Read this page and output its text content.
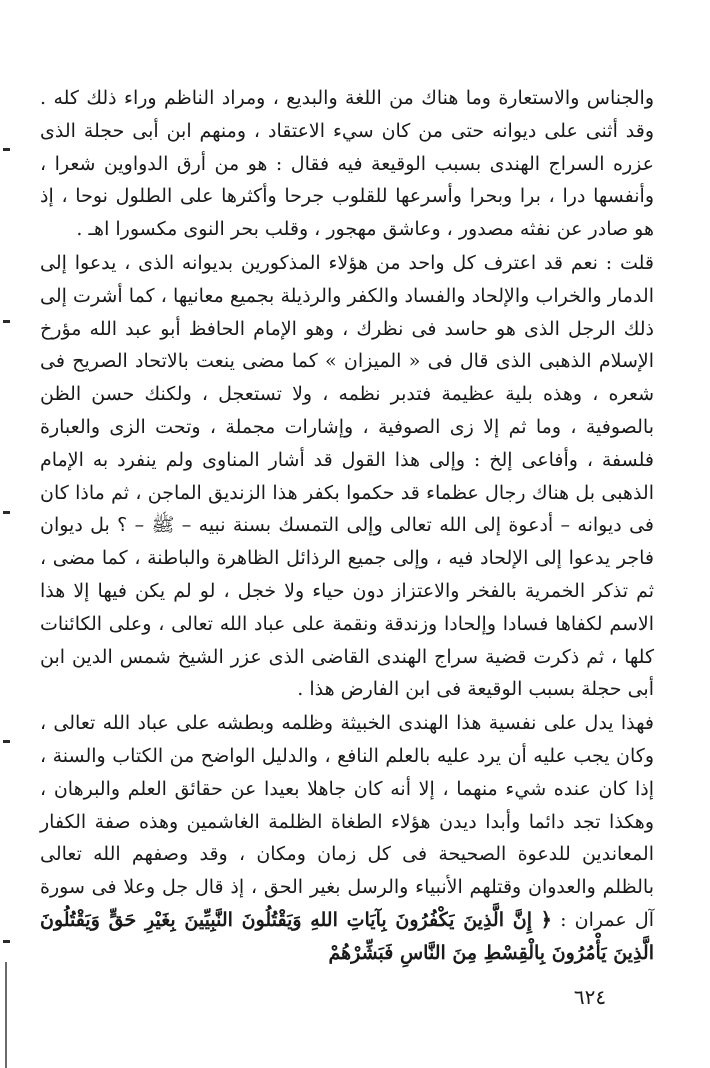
والجناس والاستعارة وما هناك من اللغة والبديع ، ومراد الناظم وراء ذلك كله . وقد أثنى على ديوانه حتى من كان سيء الاعتقاد ، ومنهم ابن أبى حجلة الذى عزره السراج الهندى بسبب الوقيعة فيه فقال : هو من أرق الدواوين شعرا ، وأنفسها درا ، برا وبحرا وأسرعها للقلوب جرحا وأكثرها على الطلول نوحا ، إذ هو صادر عن نفثه مصدور ، وعاشق مهجور ، وقلب بحر النوى مكسورا اهـ .

قلت : نعم قد اعترف كل واحد من هؤلاء المذكورين بديوانه الذى ، يدعوا إلى الدمار والخراب والإلحاد والفساد والكفر والرذيلة بجميع معانيها ، كما أشرت إلى ذلك الرجل الذى هو حاسد فى نظرك ، وهو الإمام الحافظ أبو عبد الله مؤرخ الإسلام الذهبى الذى قال فى « الميزان » كما مضى ينعت بالاتحاد الصريح فى شعره ، وهذه بلية عظيمة فتدبر نظمه ، ولا تستعجل ، ولكنك حسن الظن بالصوفية ، وما ثم إلا زى الصوفية ، وإشارات مجملة ، وتحت الزى والعبارة فلسفة ، وأفاعى إلخ : وإلى هذا القول قد أشار المناوى ولم ينفرد به الإمام الذهبى بل هناك رجال عظماء قد حكموا بكفر هذا الزنديق الماجن ، ثم ماذا كان فى ديوانه – أدعوة إلى الله تعالى وإلى التمسك بسنة نبيه – ﷺ – ؟ بل ديوان فاجر يدعوا إلى الإلحاد فيه ، وإلى جميع الرذائل الظاهرة والباطنة ، كما مضى ، ثم تذكر الخمرية بالفخر والاعتزاز دون حياء ولا خجل ، لو لم يكن فيها إلا هذا الاسم لكفاها فسادا وإلحادا وزندقة ونقمة على عباد الله تعالى ، وعلى الكائنات كلها ، ثم ذكرت قضية سراج الهندى القاضى الذى عزر الشيخ شمس الدين ابن أبى حجلة بسبب الوقيعة فى ابن الفارض هذا .

فهذا يدل على نفسية هذا الهندى الخبيثة وظلمه وبطشه على عباد الله تعالى ، وكان يجب عليه أن يرد عليه بالعلم النافع ، والدليل الواضح من الكتاب والسنة ، إذا كان عنده شيء منهما ، إلا أنه كان جاهلا بعيدا عن حقائق العلم والبرهان ، وهكذا تجد دائما وأبدا ديدن هؤلاء الطغاة الظلمة الغاشمين وهذه صفة الكفار المعاندين للدعوة الصحيحة فى كل زمان ومكان ، وقد وصفهم الله تعالى بالظلم والعدوان وقتلهم الأنبياء والرسل بغير الحق ، إذ قال جل وعلا فى سورة آل عمران : ﴿ إِنَّ الَّذِينَ يَكْفُرُونَ بِآيَاتِ اللهِ وَيَقْتُلُونَ النَّبِيِّينَ بِغَيْرِ حَقٍّ وَيَقْتُلُونَ الَّذِينَ يَأْمُرُونَ بِالْقِسْطِ مِنَ النَّاسِ فَبَشِّرْهُمْ

٦٢٤
